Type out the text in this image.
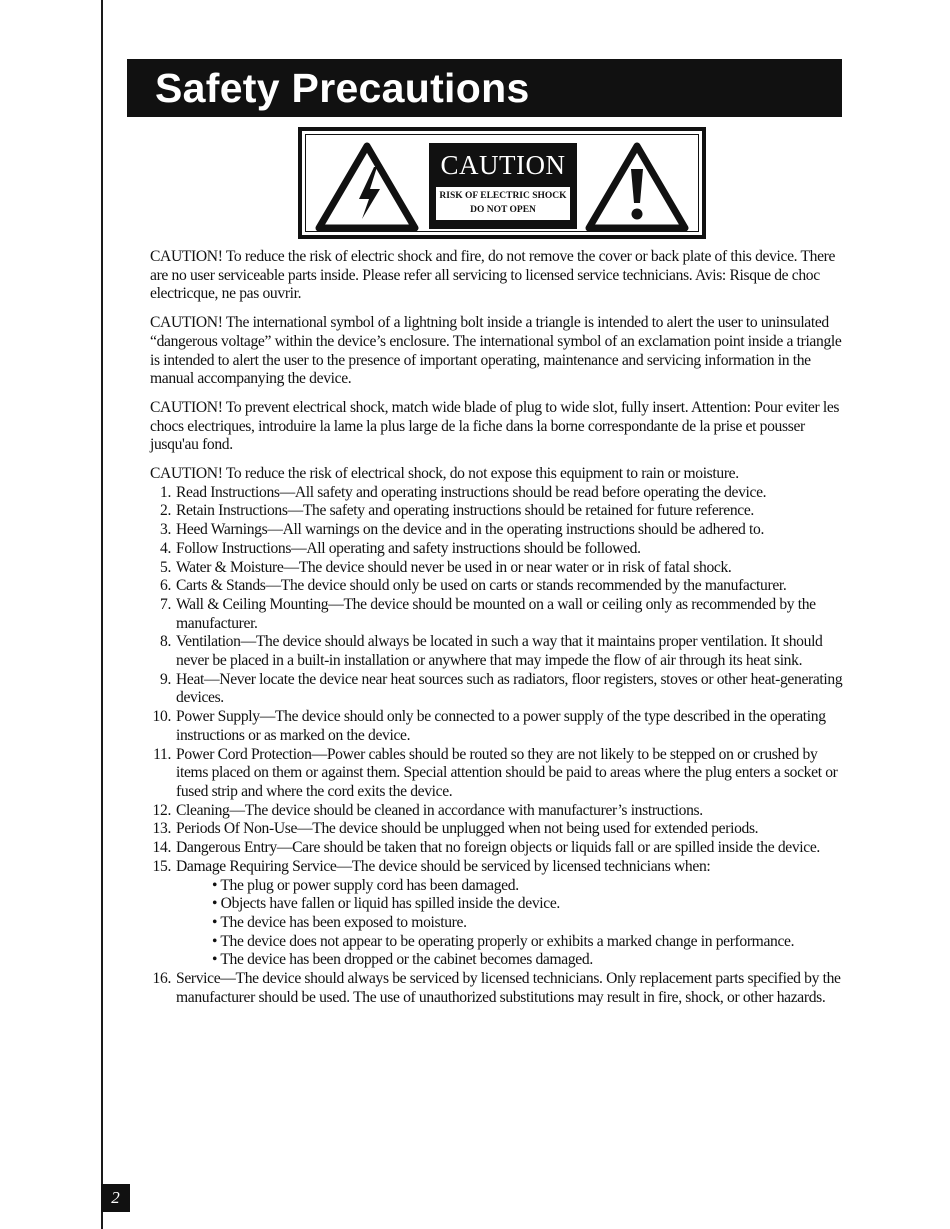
Safety Precautions
CAUTION
RISK OF ELECTRIC SHOCK
DO NOT OPEN

CAUTION! To reduce the risk of electric shock and fire, do not remove the cover or back plate of this device. There are no user serviceable parts inside. Please refer all servicing to licensed service technicians. Avis: Risque de choc electricque, ne pas ouvrir.

CAUTION! The international symbol of a lightning bolt inside a triangle is intended to alert the user to uninsulated “dangerous voltage” within the device’s enclosure. The international symbol of an exclamation point inside a triangle is intended to alert the user to the presence of important operating, maintenance and servicing information in the manual accompanying the device.

CAUTION! To prevent electrical shock, match wide blade of plug to wide slot, fully insert. Attention: Pour eviter les chocs electriques, introduire la lame la plus large de la fiche dans la borne correspondante de la prise et pousser jusqu'au fond.

CAUTION! To reduce the risk of electrical shock, do not expose this equipment to rain or moisture.

1. Read Instructions—All safety and operating instructions should be read before operating the device.
2. Retain Instructions—The safety and operating instructions should be retained for future reference.
3. Heed Warnings—All warnings on the device and in the operating instructions should be adhered to.
4. Follow Instructions—All operating and safety instructions should be followed.
5. Water & Moisture—The device should never be used in or near water or in risk of fatal shock.
6. Carts & Stands—The device should only be used on carts or stands recommended by the manufacturer.
7. Wall & Ceiling Mounting—The device should be mounted on a wall or ceiling only as recommended by the manufacturer.
8. Ventilation—The device should always be located in such a way that it maintains proper ventilation. It should never be placed in a built-in installation or anywhere that may impede the flow of air through its heat sink.
9. Heat—Never locate the device near heat sources such as radiators, floor registers, stoves or other heat-generating devices.
10. Power Supply—The device should only be connected to a power supply of the type described in the operating instructions or as marked on the device.
11. Power Cord Protection—Power cables should be routed so they are not likely to be stepped on or crushed by items placed on them or against them. Special attention should be paid to areas where the plug enters a socket or fused strip and where the cord exits the device.
12. Cleaning—The device should be cleaned in accordance with manufacturer’s instructions.
13. Periods Of Non-Use—The device should be unplugged when not being used for extended periods.
14. Dangerous Entry—Care should be taken that no foreign objects or liquids fall or are spilled inside the device.
15. Damage Requiring Service—The device should be serviced by licensed technicians when:
• The plug or power supply cord has been damaged.
• Objects have fallen or liquid has spilled inside the device.
• The device has been exposed to moisture.
• The device does not appear to be operating properly or exhibits a marked change in performance.
• The device has been dropped or the cabinet becomes damaged.
16. Service—The device should always be serviced by licensed technicians. Only replacement parts specified by the manufacturer should be used. The use of unauthorized substitutions may result in fire, shock, or other hazards.
2
